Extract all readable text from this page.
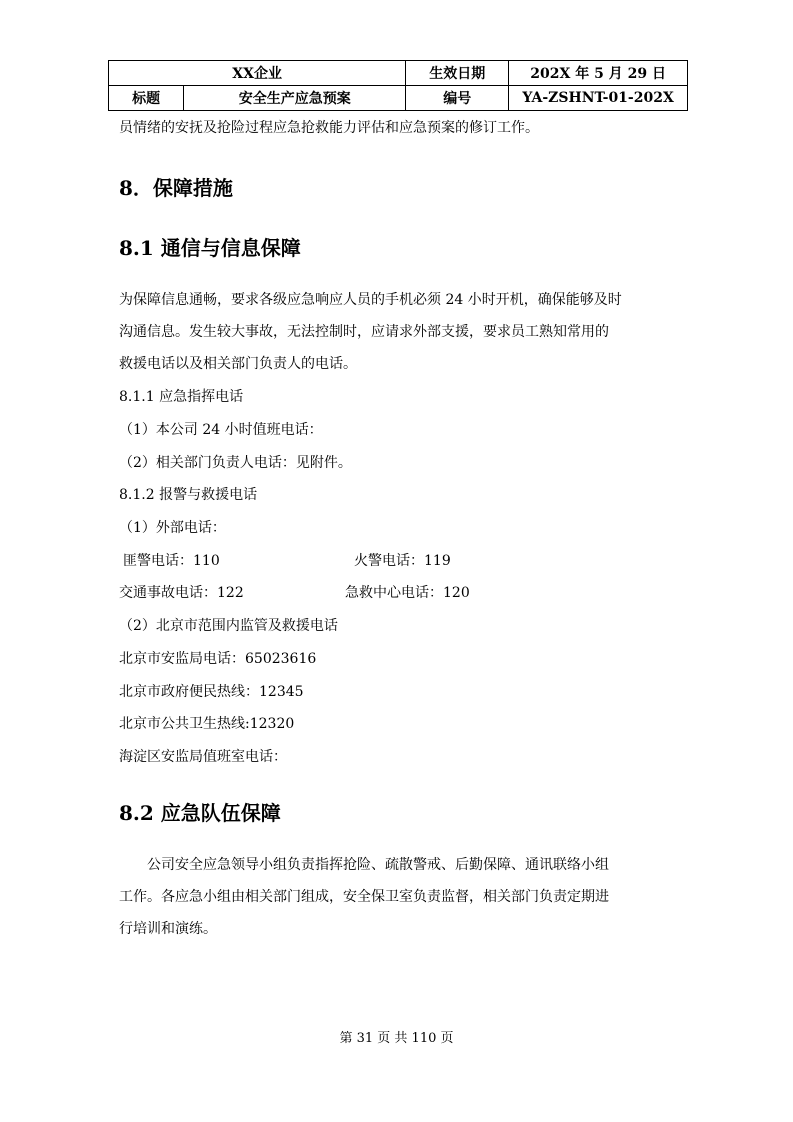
XX企业		生效日期	202X 年 5 月 29 日
标题	安全生产应急预案	编号	YA-ZSHNT-01-202X
员情绪的安抚及抢险过程应急抢救能力评估和应急预案的修订工作。
8．保障措施
8.1 通信与信息保障
为保障信息通畅，要求各级应急响应人员的手机必须 24 小时开机，确保能够及时
沟通信息。发生较大事故，无法控制时，应请求外部支援，要求员工熟知常用的
救援电话以及相关部门负责人的电话。
8.1.1 应急指挥电话
（1）本公司 24 小时值班电话：
（2）相关部门负责人电话：见附件。
8.1.2 报警与救援电话
（1）外部电话：
匪警电话：110	火警电话：119
交通事故电话：122	急救中心电话：120
（2）北京市范围内监管及救援电话
北京市安监局电话：65023616
北京市政府便民热线：12345
北京市公共卫生热线:12320
海淀区安监局值班室电话：
8.2 应急队伍保障
公司安全应急领导小组负责指挥抢险、疏散警戒、后勤保障、通讯联络小组
工作。各应急小组由相关部门组成，安全保卫室负责监督，相关部门负责定期进
行培训和演练。
第 31 页 共 110 页
